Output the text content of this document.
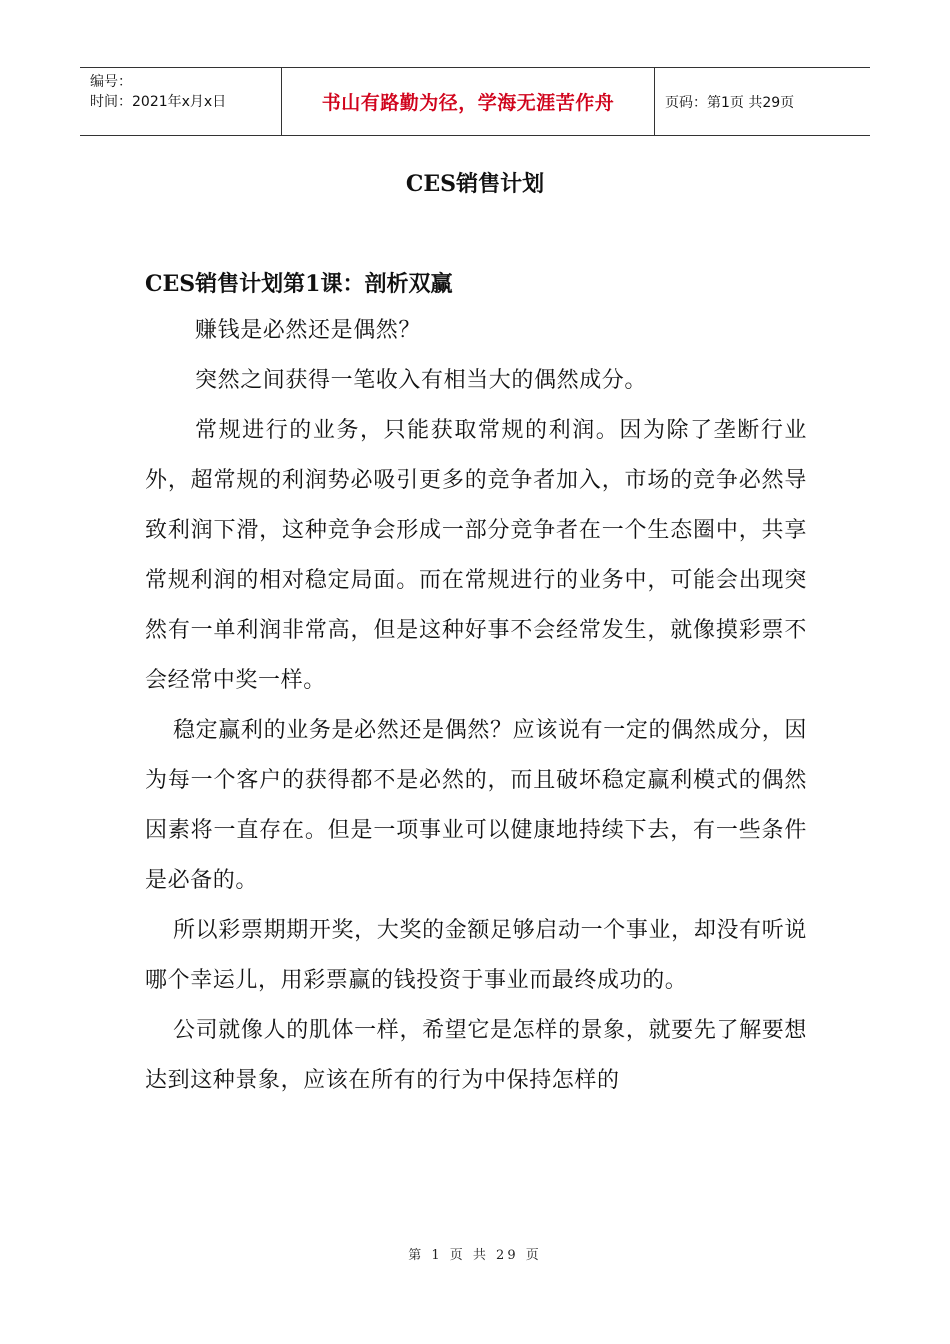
编号：
时间：2021年x月x日	书山有路勤为径，学海无涯苦作舟	页码：第1页 共29页
CES销售计划
CES销售计划第1课：剖析双赢

赚钱是必然还是偶然？

突然之间获得一笔收入有相当大的偶然成分。

常规进行的业务，只能获取常规的利润。因为除了垄断行业外，超常规的利润势必吸引更多的竞争者加入，市场的竞争必然导致利润下滑，这种竞争会形成一部分竞争者在一个生态圈中，共享常规利润的相对稳定局面。而在常规进行的业务中，可能会出现突然有一单利润非常高，但是这种好事不会经常发生，就像摸彩票不会经常中奖一样。

稳定赢利的业务是必然还是偶然？应该说有一定的偶然成分，因为每一个客户的获得都不是必然的，而且破坏稳定赢利模式的偶然因素将一直存在。但是一项事业可以健康地持续下去，有一些条件是必备的。

所以彩票期期开奖，大奖的金额足够启动一个事业，却没有听说哪个幸运儿，用彩票赢的钱投资于事业而最终成功的。

公司就像人的肌体一样，希望它是怎样的景象，就要先了解要想达到这种景象，应该在所有的行为中保持怎样的

第 1 页 共 29 页
